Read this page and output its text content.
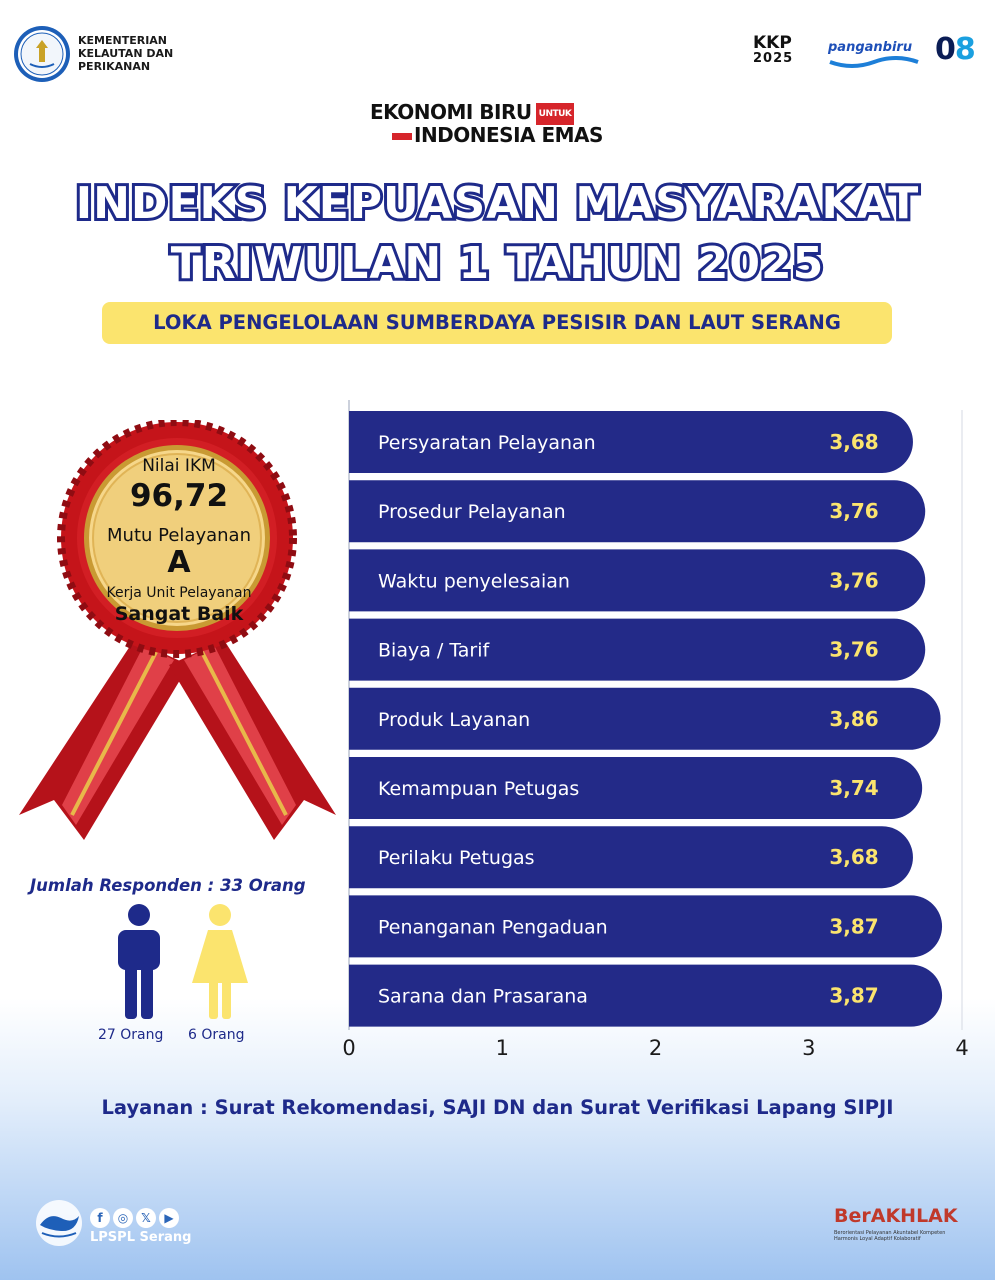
KEMENTERIAN
KELAUTAN DAN
PERIKANAN
KKP
2025
panganbiru 08
EKONOMI BIRU UNTUK
INDONESIA EMAS
INDEKS KEPUASAN MASYARAKAT
TRIWULAN 1 TAHUN 2025
LOKA PENGELOLAAN SUMBERDAYA PESISIR DAN LAUT SERANG
Nilai IKM
96,72
Mutu Pelayanan
A
Kerja Unit Pelayanan
Sangat Baik
Jumlah Responden : 33 Orang
27 Orang 6 Orang
Persyaratan Pelayanan	3,68
Prosedur Pelayanan	3,76
Waktu penyelesaian	3,76
Biaya / Tarif	3,76
Produk Layanan	3,86
Kemampuan Petugas	3,74
Perilaku Petugas	3,68
Penanganan Pengaduan	3,87
Sarana dan Prasarana	3,87
0	1	2	3	4
Layanan : Surat Rekomendasi, SAJI DN dan Surat Verifikasi Lapang SIPJI
f ◎ 𝕏 ▶
LPSPL Serang
BerAKHLAK
Berorientasi Pelayanan Akuntabel Kompeten Harmonis Loyal Adaptif Kolaboratif
